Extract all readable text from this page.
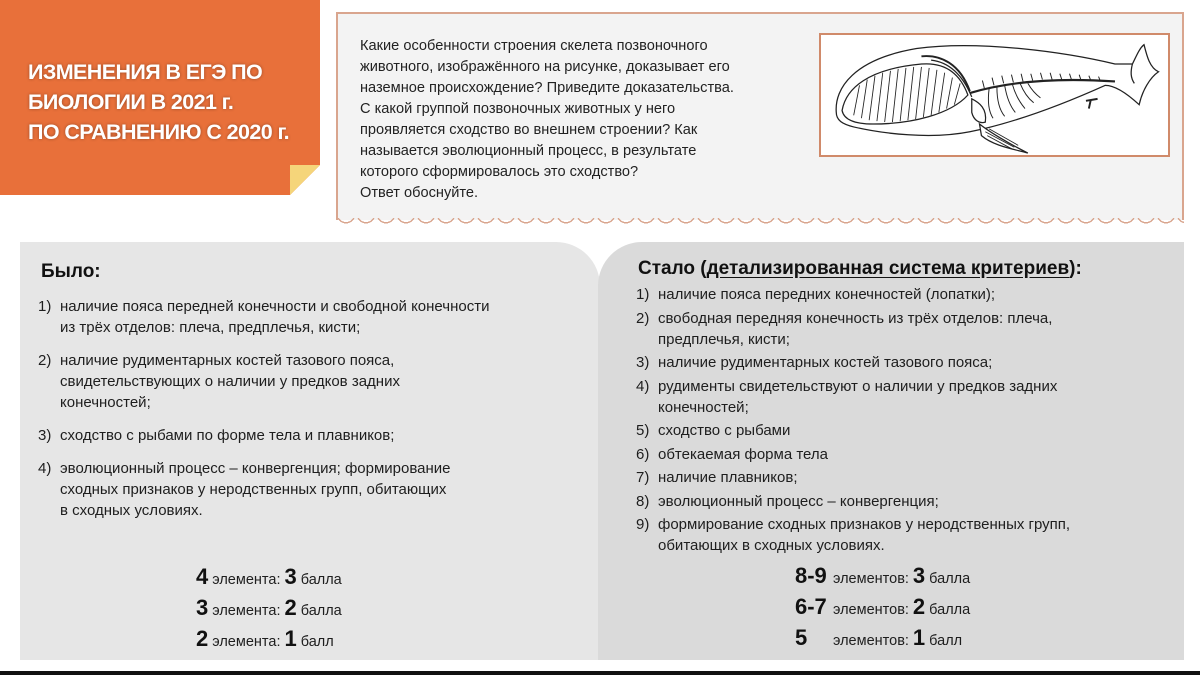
ИЗМЕНЕНИЯ В ЕГЭ ПО
БИОЛОГИИ В 2021 г.
ПО СРАВНЕНИЮ С 2020 г.
Какие особенности строения скелета позвоночного
животного, изображённого на рисунке, доказывает его
наземное происхождение? Приведите доказательства.
С какой группой позвоночных животных у него
проявляется сходство во внешнем строении? Как
называется эволюционный процесс, в результате
которого сформировалось это сходство?
Ответ обоснуйте.
Было:
1) наличие пояса передней конечности и свободной конечности
из трёх отделов: плеча, предплечья, кисти;
2) наличие рудиментарных костей тазового пояса,
свидетельствующих о наличии у предков задних
конечностей;
3) сходство с рыбами по форме тела и плавников;
4) эволюционный процесс – конвергенция; формирование
сходных признаков у неродственных групп, обитающих
в сходных условиях.
4 элемента: 3 балла
3 элемента: 2 балла
2 элемента: 1 балл
Стало (детализированная система критериев):
1) наличие пояса передних конечностей (лопатки);
2) свободная передняя конечность из трёх отделов: плеча,
предплечья, кисти;
3) наличие рудиментарных костей тазового пояса;
4) рудименты свидетельствуют о наличии у предков задних
конечностей;
5) сходство с рыбами
6) обтекаемая форма тела
7) наличие плавников;
8) эволюционный процесс – конвергенция;
9) формирование сходных признаков у неродственных групп,
обитающих в сходных условиях.
8-9 элементов: 3 балла
6-7 элементов: 2 балла
5	элементов: 1 балл
